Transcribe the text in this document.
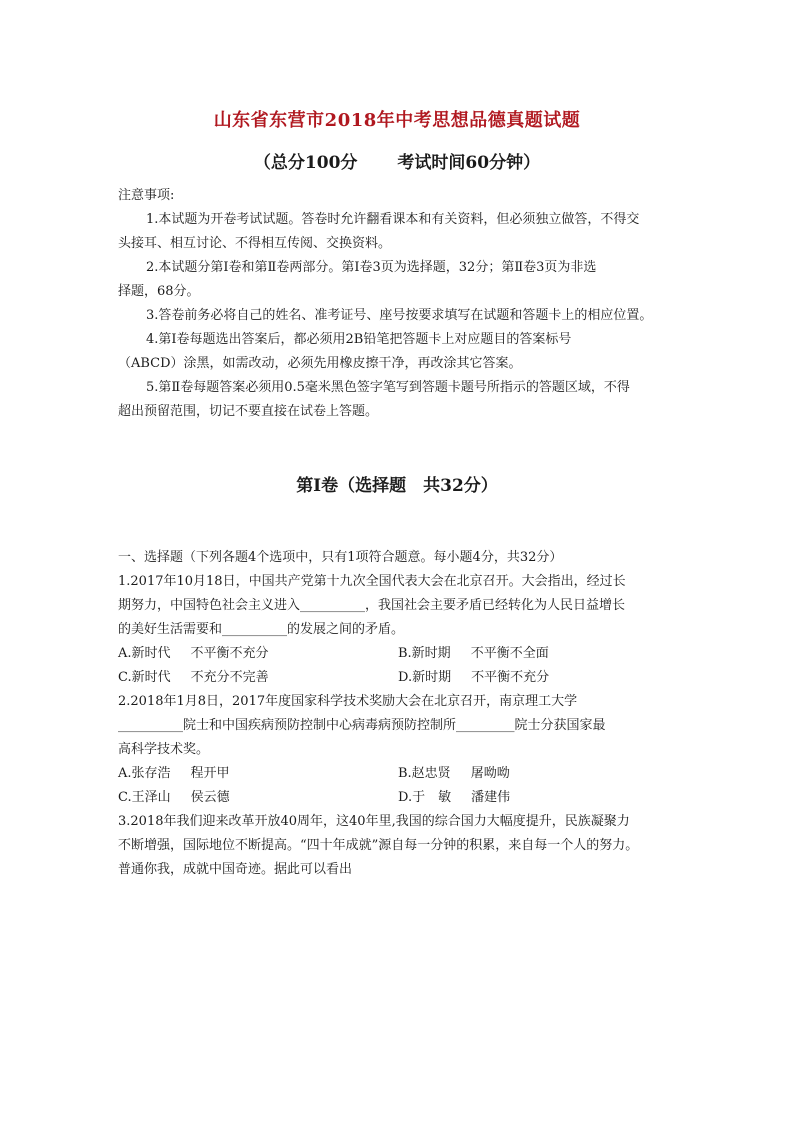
山东省东营市2018年中考思想品德真题试题
（总分100分 考试时间60分钟）
注意事项:
1.本试题为开卷考试试题。答卷时允许翻看课本和有关资料，但必须独立做答，不得交
头接耳、相互讨论、不得相互传阅、交换资料。
2.本试题分第Ⅰ卷和第Ⅱ卷两部分。第Ⅰ卷3页为选择题，32分；第Ⅱ卷3页为非选
择题，68分。
3.答卷前务必将自己的姓名、准考证号、座号按要求填写在试题和答题卡上的相应位置。
4.第Ⅰ卷每题选出答案后，都必须用2B铅笔把答题卡上对应题目的答案标号
（ABCD）涂黑，如需改动，必须先用橡皮擦干净，再改涂其它答案。
5.第Ⅱ卷每题答案必须用0.5毫米黑色签字笔写到答题卡题号所指示的答题区域，不得
超出预留范围，切记不要直接在试卷上答题。
第Ⅰ卷（选择题　共32分）
一、选择题（下列各题4个选项中，只有1项符合题意。每小题4分，共32分）
1.2017年10月18日，中国共产党第十九次全国代表大会在北京召开。大会指出，经过长
期努力，中国特色社会主义进入__________，我国社会主要矛盾已经转化为人民日益增长
的美好生活需要和__________的发展之间的矛盾。
A.新时代 不平衡不充分	B.新时期 不平衡不全面
C.新时代 不充分不完善	D.新时期 不平衡不充分
2.2018年1月8日，2017年度国家科学技术奖励大会在北京召开，南京理工大学
__________院士和中国疾病预防控制中心病毒病预防控制所_________院士分获国家最
高科学技术奖。
A.张存浩 程开甲	B.赵忠贤 屠呦呦
C.王泽山 侯云德	D.于　敏 潘建伟
3.2018年我们迎来改革开放40周年，这40年里,我国的综合国力大幅度提升，民族凝聚力
不断增强，国际地位不断提高。“四十年成就”源自每一分钟的积累，来自每一个人的努力。
普通你我，成就中国奇迹。据此可以看出
